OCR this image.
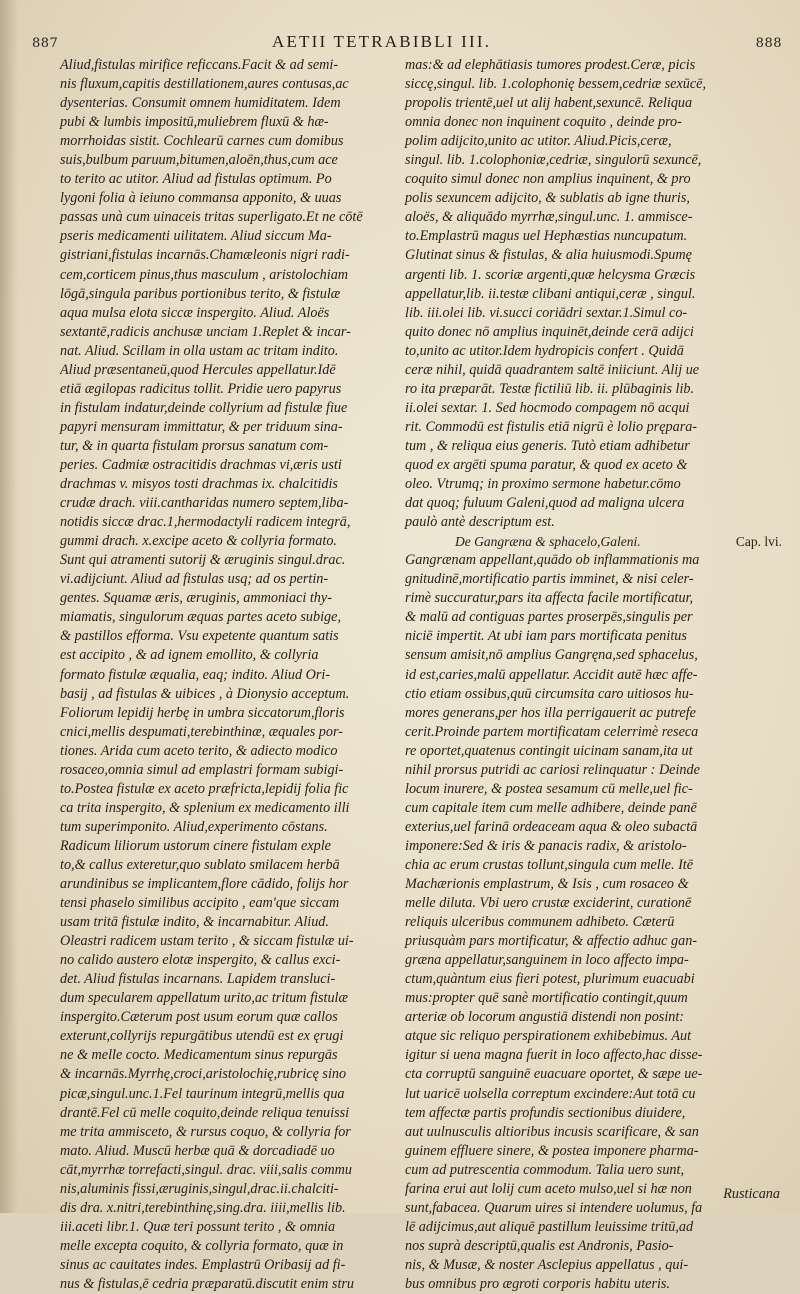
887	AETII TETRABIBLI III.	888
Aliud,fistulas mirifice reficcans.Facit & ad semi-
nis fluxum,capitis destillationem,aures contusas,ac
dysenterias. Consumit omnem humiditatem. Idem
pubi & lumbis impositū,muliebrem fluxū & hæ-
morrhoidas sistit. Cochlearū carnes cum domibus
suis,bulbum paruum,bitumen,aloēn,thus,cum ace
to terito ac utitor. Aliud ad fistulas optimum. Po
lygoni folia à ieiuno commansa apponito, & uuas
passas unà cum uinaceis tritas superligato.Et ne cōtē
pseris medicamenti uilitatem. Aliud siccum Ma-
gistriani,fistulas incarnās.Chamæleonis nigri radi-
cem,corticem pinus,thus masculum , aristolochiam
lōgā,singula paribus portionibus terito, & fistulæ
aqua mulsa elota siccæ inspergito. Aliud. Aloës
sextantē,radicis anchusæ unciam 1.Replet & incar-
nat. Aliud. Scillam in olla ustam ac tritam indito.
Aliud præsentaneū,quod Hercules appellatur.Idē
etiā ægilopas radicitus tollit. Pridie uero papyrus
in fistulam indatur,deinde collyrium ad fistulæ fiue
papyri mensuram immittatur, & per triduum sina-
tur, & in quarta fistulam prorsus sanatum com-
peries. Cadmiæ ostracitidis drachmas vi,æris usti
drachmas v. misyos tosti drachmas ix. chalcitidis
crudæ drach. viii.cantharidas numero septem,liba-
notidis siccæ drac.1,hermodactyli radicem integrā,
gummi drach. x.excipe aceto & collyria formato.
Sunt qui atramenti sutorij & æruginis singul.drac.
vi.adijciunt. Aliud ad fistulas usq; ad os pertin-
gentes. Squamæ æris, æruginis, ammoniaci thy-
miamatis, singulorum æquas partes aceto subige,
& pastillos efforma. Vsu expetente quantum satis
est accipito , & ad ignem emollito, & collyria
formato fistulæ æqualia, eaq; indito. Aliud Ori-
basij , ad fistulas & uibices , à Dionysio acceptum.
Foliorum lepidij herbę in umbra siccatorum,floris
cnici,mellis despumati,terebinthinæ, æquales por-
tiones. Arida cum aceto terito, & adiecto modico
rosaceo,omnia simul ad emplastri formam subigi-
to.Postea fistulæ ex aceto præfricta,lepidij folia fic
ca trita inspergito, & splenium ex medicamento illi
tum superimponito. Aliud,experimento cōstans.
Radicum liliorum ustorum cinere fistulam exple
to,& callus exteretur,quo sublato smilacem herbā
arundinibus se implicantem,flore cādido, folijs hor
tensi phaselo similibus accipito , eam'que siccam
usam tritā fistulæ indito, & incarnabitur. Aliud.
Oleastri radicem ustam terito , & siccam fistulæ ui-
no calido austero elotæ inspergito, & callus exci-
det. Aliud fistulas incarnans. Lapidem transluci-
dum specularem appellatum urito,ac tritum fistulæ
inspergito.Cæterum post usum eorum quæ callos
exterunt,collyrijs repurgātibus utendū est ex ęrugi
ne & melle cocto. Medicamentum sinus repurgās
& incarnās.Myrrhę,croci,aristolochię,rubricę sino
picæ,singul.unc.1.Fel taurinum integrū,mellis qua
drantē.Fel cū melle coquito,deinde reliqua tenuissi
me trita ammisceto, & rursus coquo, & collyria for
mato. Aliud. Muscū herbæ quā & dorcadiadē uo
cāt,myrrhæ torrefacti,singul. drac. viii,salis commu
nis,aluminis fissi,æruginis,singul,drac.ii.chalciti-
dis dra. x.nitri,terebinthinę,sing.dra. iiii,mellis lib.
iii.aceti libr.1. Quæ teri possunt terito , & omnia
melle excepta coquito, & collyria formato, quæ in
sinus ac cauitates indes. Emplastrū Oribasij ad fi-
nus & fistulas,ē cedria præparatū.discutit enim stru
mas:& ad elephātiasis tumores prodest.Ceræ, picis
siccę,singul. lib. 1.colophonię bessem,cedriæ sexūcē,
propolis trientē,uel ut alij habent,sexuncē. Reliqua
omnia donec non inquinent coquito , deinde pro-
polim adijcito,unito ac utitor. Aliud.Picis,ceræ,
singul. lib. 1.colophoniæ,cedriæ, singulorū sexuncē,
coquito simul donec non amplius inquinent, & pro
polis sexuncem adijcito, & sublatis ab igne thuris,
aloës, & aliquādo myrrhæ,singul.unc. 1. ammisce-
to.Emplastrū magus uel Hephæstias nuncupatum.
Glutinat sinus & fistulas, & alia huiusmodi.Spumę
argenti lib. 1. scoriæ argenti,quæ helcysma Græcis
appellatur,lib. ii.testæ clibani antiqui,ceræ , singul.
lib. iii.olei lib. vi.succi coriādri sextar.1.Simul co-
quito donec nō amplius inquinēt,deinde cerā adijci
to,unito ac utitor.Idem hydropicis confert . Quidā
ceræ nihil, quidā quadrantem saltē iniiciunt. Alij ue
ro ita præparāt. Testæ fictiliū lib. ii. plūbaginis lib.
ii.olei sextar. 1. Sed hocmodo compagem nō acqui
rit. Commodū est fistulis etiā nigrū è lolio prępara-
tum , & reliqua eius generis. Tutò etiam adhibetur
quod ex argēti spuma paratur, & quod ex aceto &
oleo. Vtrumq; in proximo sermone habetur.cōmo
dat quoq; fuluum Galeni,quod ad maligna ulcera
paulò antè descriptum est.
De Gangræna & sphacelo,Galeni.	Cap. lvi.
Gangrænam appellant,quādo ob inflammationis ma
gnitudinē,mortificatio partis imminet, & nisi celer-
rimè succuratur,pars ita affecta facile mortificatur,
& malū ad contiguas partes proserpēs,singulis per
niciē impertit. At ubi iam pars mortificata penitus
sensum amisit,nō amplius Gangręna,sed sphacelus,
id est,caries,malū appellatur. Accidit autē hæc affe-
ctio etiam ossibus,quū circumsita caro uitiosos hu-
mores generans,per hos illa perrigauerit ac putrefe
cerit.Proinde partem mortificatam celerrimè reseca
re oportet,quatenus contingit uicinam sanam,ita ut
nihil prorsus putridi ac cariosi relinquatur : Deinde
locum inurere, & postea sesamum cū melle,uel fic-
cum capitale item cum melle adhibere, deinde panē
exterius,uel farinā ordeaceam aqua & oleo subactā
imponere:Sed & iris & panacis radix, & aristolo-
chia ac erum crustas tollunt,singula cum melle. Itē
Machærionis emplastrum, & Isis , cum rosaceo &
melle diluta. Vbi uero crustæ exciderint, curationē
reliquis ulceribus communem adhibeto. Cæterū
priusquàm pars mortificatur, & affectio adhuc gan-
græna appellatur,sanguinem in loco affecto impa-
ctum,quàntum eius fieri potest, plurimum euacuabi
mus:propter quē sanè mortificatio contingit,quum
arteriæ ob locorum angustiā distendi non posint:
atque sic reliquo perspirationem exhibebimus. Aut
igitur si uena magna fuerit in loco affecto,hac disse-
cta corruptū sanguinē euacuare oportet, & sæpe ue-
lut uaricē uolsella correptum excindere:Aut totā cu
tem affectæ partis profundis sectionibus diuidere,
aut uulnusculis altioribus incusis scarificare, & san
guinem effluere sinere, & postea imponere pharma-
cum ad putrescentia commodum. Talia uero sunt,
farina erui aut lolij cum aceto mulso,uel si hæ non
sunt,fabacea. Quarum uires si intendere uolumus, fa
lē adijcimus,aut aliquē pastillum leuissime tritū,ad
nos suprà descriptū,qualis est Andronis, Pasio-
nis, & Musæ, & noster Asclepius appellatus , qui-
bus omnibus pro ægroti corporis habitu uteris.
Rusticana
